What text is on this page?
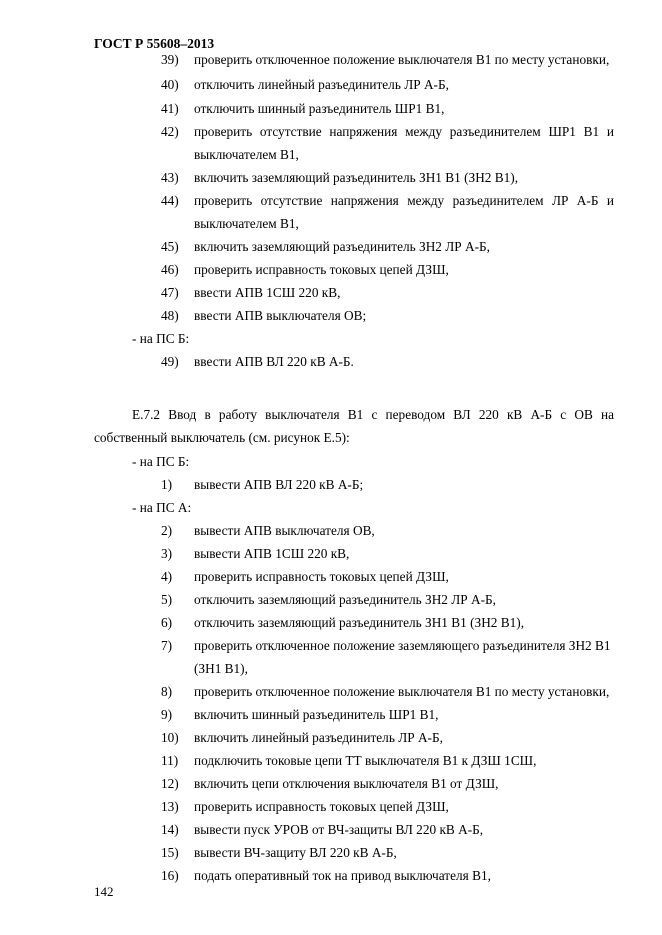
ГОСТ Р 55608–2013
39)	проверить отключенное положение выключателя В1 по месту установки,
40)	отключить линейный разъединитель ЛР А-Б,
41)	отключить шинный разъединитель ШР1 В1,
42)	проверить отсутствие напряжения между разъединителем ШР1 В1 и
выключателем В1,
43)	включить заземляющий разъединитель ЗН1 В1 (ЗН2 В1),
44)	проверить отсутствие напряжения между разъединителем ЛР А-Б и
выключателем В1,
45)	включить заземляющий разъединитель ЗН2 ЛР А-Б,
46)	проверить исправность токовых цепей ДЗШ,
47)	ввести АПВ 1СШ 220 кВ,
48)	ввести АПВ выключателя ОВ;
- на ПС Б:
49)	ввести АПВ ВЛ 220 кВ А-Б.
Е.7.2 Ввод в работу выключателя В1 с переводом ВЛ 220 кВ А-Б с ОВ на
собственный выключатель (см. рисунок Е.5):
- на ПС Б:
1)	вывести АПВ ВЛ 220 кВ А-Б;
- на ПС А:
2)	вывести АПВ выключателя ОВ,
3)	вывести АПВ 1СШ 220 кВ,
4)	проверить исправность токовых цепей ДЗШ,
5)	отключить заземляющий разъединитель ЗН2 ЛР А-Б,
6)	отключить заземляющий разъединитель ЗН1 В1 (ЗН2 В1),
7)	проверить отключенное положение заземляющего разъединителя ЗН2 В1
(ЗН1 В1),
8)	проверить отключенное положение выключателя В1 по месту установки,
9)	включить шинный разъединитель ШР1 В1,
10)	включить линейный разъединитель ЛР А-Б,
11)	подключить токовые цепи ТТ выключателя В1 к ДЗШ 1СШ,
12)	включить цепи отключения выключателя В1 от ДЗШ,
13)	проверить исправность токовых цепей ДЗШ,
14)	вывести пуск УРОВ от ВЧ-защиты ВЛ 220 кВ А-Б,
15)	вывести ВЧ-защиту ВЛ 220 кВ А-Б,
16)	подать оперативный ток на привод выключателя В1,
142
